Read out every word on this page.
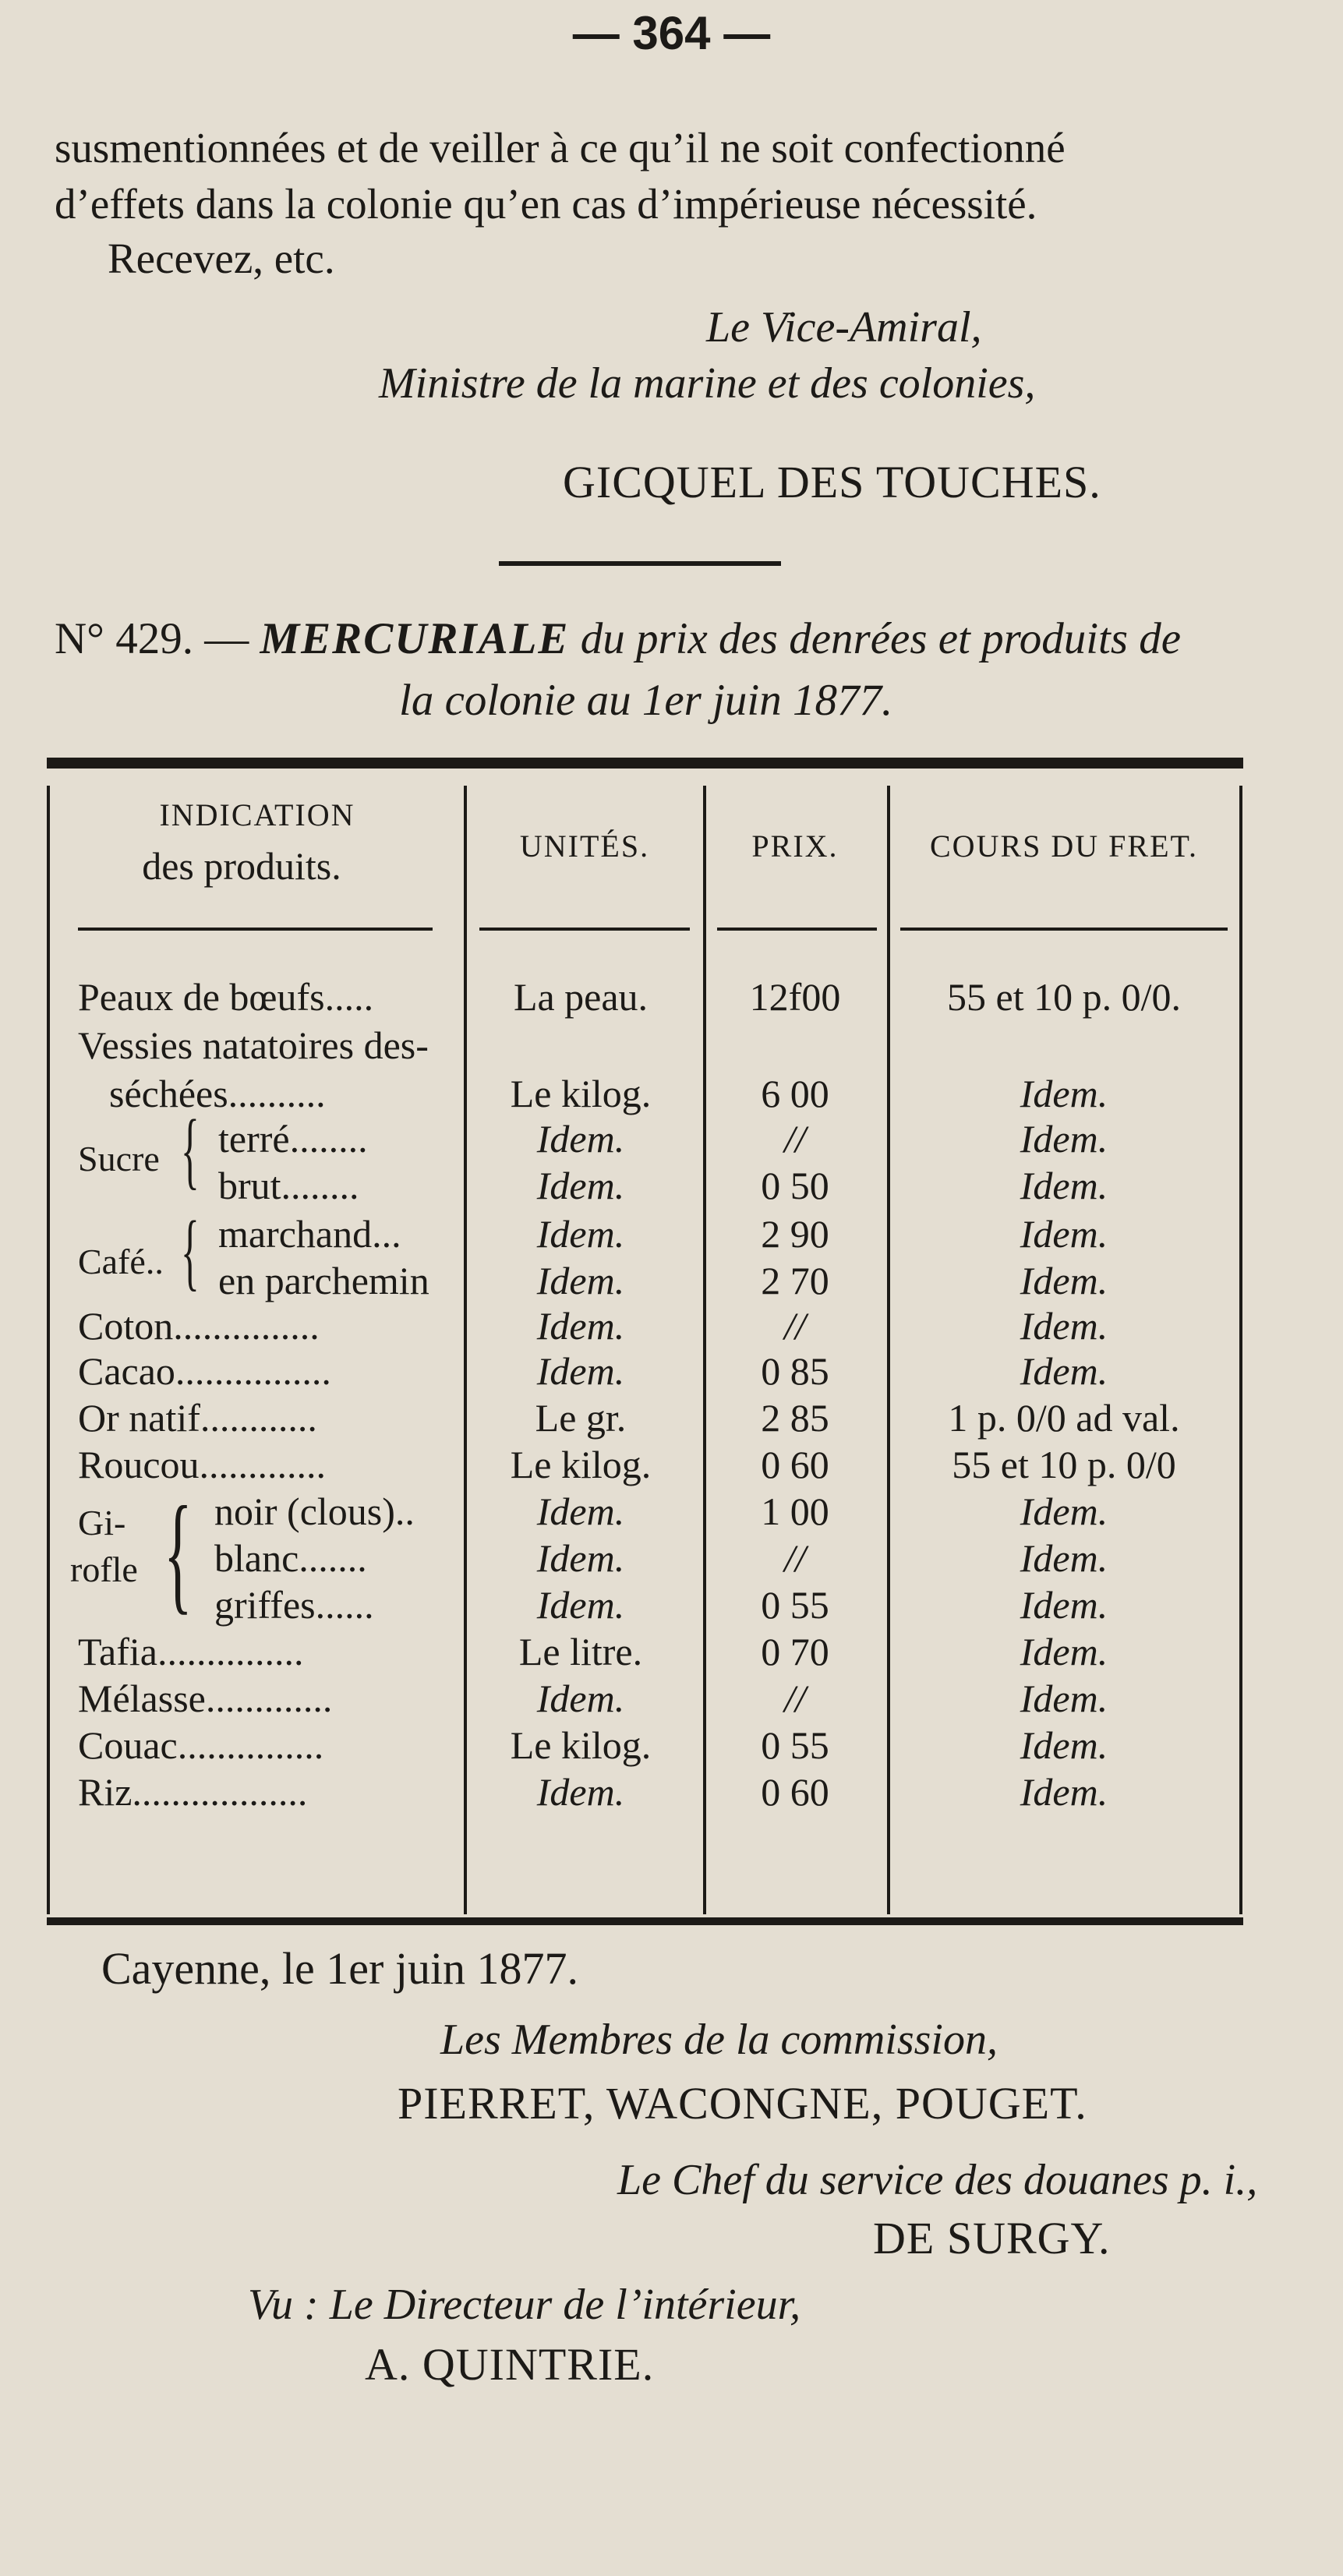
— 364 —
susmentionnées et de veiller à ce qu’il ne soit confectionné
d’effets dans la colonie qu’en cas d’impérieuse nécessité.
Recevez, etc.
Le Vice-Amiral,
Ministre de la marine et des colonies,
GICQUEL DES TOUCHES.
N° 429. — MERCURIALE du prix des denrées et produits de
la colonie au 1er juin 1877.
INDICATION
des produits.	UNITÉS.	PRIX.	COURS DU FRET.
Peaux de bœufs.....	La peau.	12f00	55 et 10 p. 0/0.
Vessies natatoires des-
séchées..........	Le kilog.	6 00	Idem.
Sucre { terré........	Idem.	//	Idem.
brut........	Idem.	0 50	Idem.
Café.. { marchand...	Idem.	2 90	Idem.
en parchemin	Idem.	2 70	Idem.
Coton...............	Idem.	//	Idem.
Cacao................	Idem.	0 85	Idem.
Or natif............	Le gr.	2 85	1 p. 0/0 ad val.
Roucou.............	Le kilog.	0 60	55 et 10 p. 0/0
Gi-
rofle { noir (clous)..	Idem.	1 00	Idem.
blanc.......	Idem.	//	Idem.
griffes......	Idem.	0 55	Idem.
Tafia...............	Le litre.	0 70	Idem.
Mélasse.............	Idem.	//	Idem.
Couac...............	Le kilog.	0 55	Idem.
Riz..................	Idem.	0 60	Idem.
Cayenne, le 1er juin 1877.
Les Membres de la commission,
PIERRET, WACONGNE, POUGET.
Le Chef du service des douanes p. i.,
DE SURGY.
Vu : Le Directeur de l’intérieur,
A. QUINTRIE.
